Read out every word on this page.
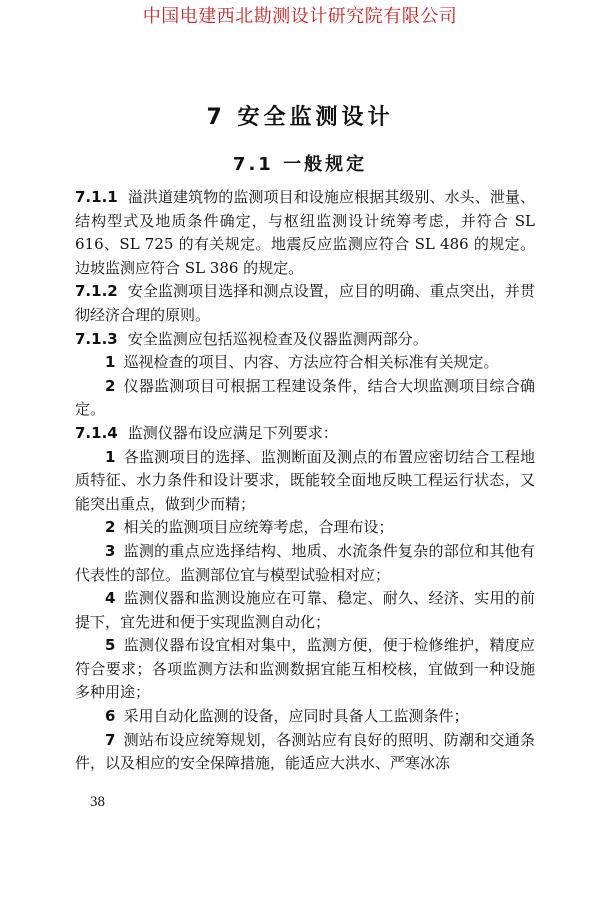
中国电建西北勘测设计研究院有限公司
7 安全监测设计
7.1 一般规定

7.1.1 溢洪道建筑物的监测项目和设施应根据其级别、水头、泄量、结构型式及地质条件确定，与枢纽监测设计统筹考虑，并符合 SL 616、SL 725 的有关规定。地震反应监测应符合 SL 486 的规定。边坡监测应符合 SL 386 的规定。

7.1.2 安全监测项目选择和测点设置，应目的明确、重点突出，并贯彻经济合理的原则。

7.1.3 安全监测应包括巡视检查及仪器监测两部分。

1 巡视检查的项目、内容、方法应符合相关标准有关规定。

2 仪器监测项目可根据工程建设条件，结合大坝监测项目综合确定。

7.1.4 监测仪器布设应满足下列要求：

1 各监测项目的选择、监测断面及测点的布置应密切结合工程地质特征、水力条件和设计要求，既能较全面地反映工程运行状态，又能突出重点，做到少而精；

2 相关的监测项目应统筹考虑，合理布设；

3 监测的重点应选择结构、地质、水流条件复杂的部位和其他有代表性的部位。监测部位宜与模型试验相对应；

4 监测仪器和监测设施应在可靠、稳定、耐久、经济、实用的前提下，宜先进和便于实现监测自动化；

5 监测仪器布设宜相对集中，监测方便，便于检修维护，精度应符合要求；各项监测方法和监测数据宜能互相校核，宜做到一种设施多种用途；

6 采用自动化监测的设备，应同时具备人工监测条件；

7 测站布设应统筹规划，各测站应有良好的照明、防潮和交通条件，以及相应的安全保障措施，能适应大洪水、严寒冰冻

38
